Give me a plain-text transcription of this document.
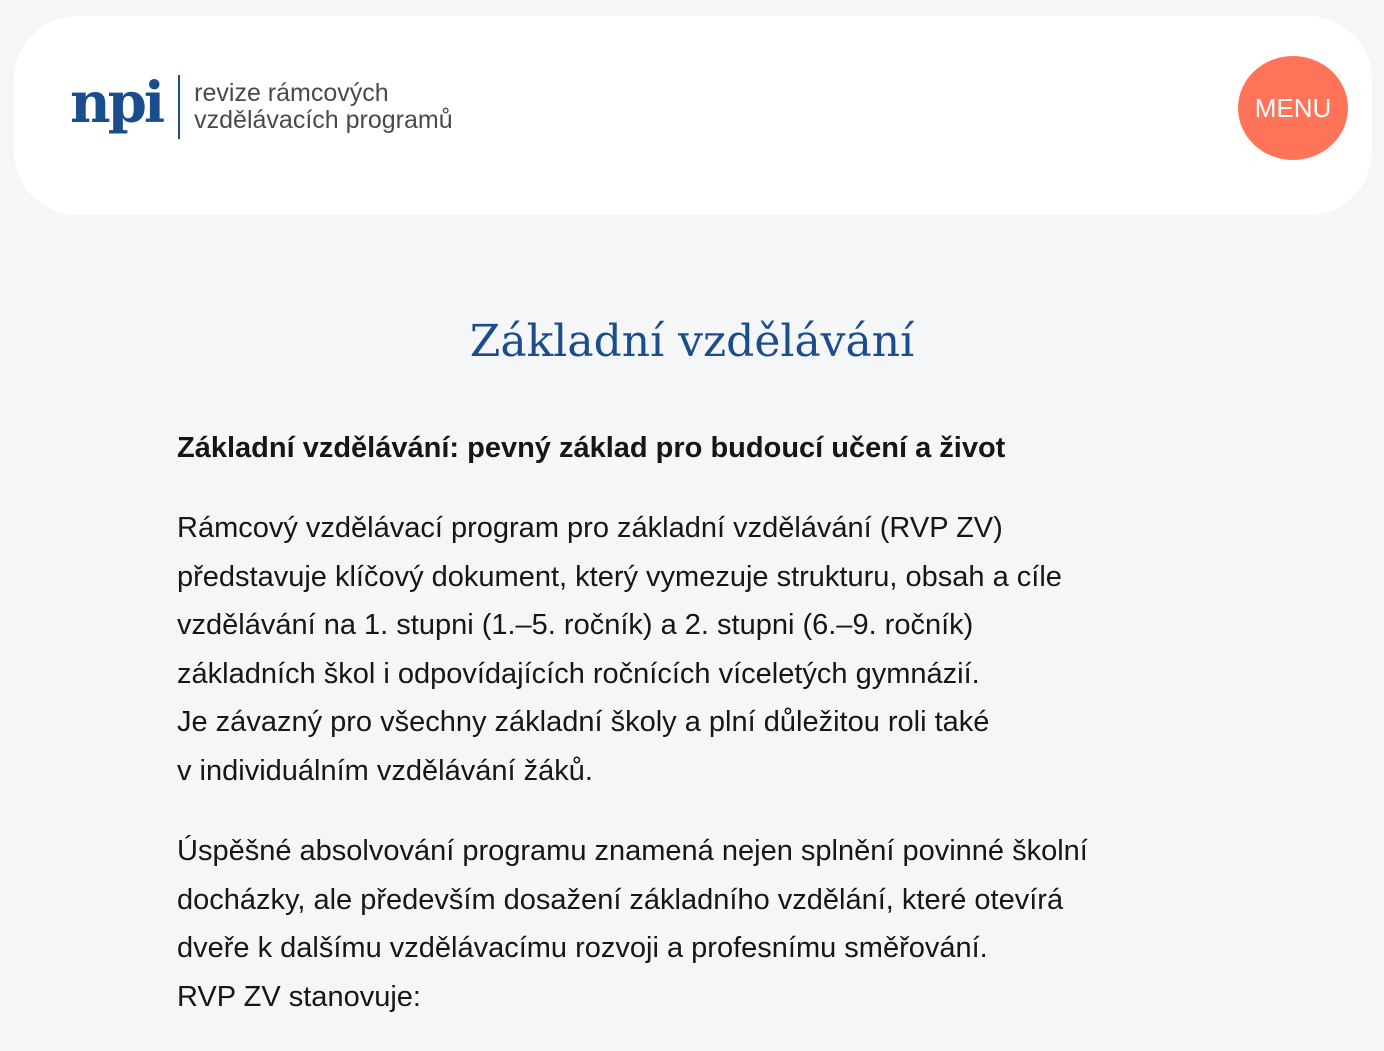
npi revize rámcových
vzdělávacích programů	MENU
Základní vzdělávání

Základní vzdělávání: pevný základ pro budoucí učení a život

Rámcový vzdělávací program pro základní vzdělávání (RVP ZV)
představuje klíčový dokument, který vymezuje strukturu, obsah a cíle
vzdělávání na 1. stupni (1.–5. ročník) a 2. stupni (6.–9. ročník)
základních škol i odpovídajících ročnících víceletých gymnázií.
Je závazný pro všechny základní školy a plní důležitou roli také
v individuálním vzdělávání žáků.

Úspěšné absolvování programu znamená nejen splnění povinné školní
docházky, ale především dosažení základního vzdělání, které otevírá
dveře k dalšímu vzdělávacímu rozvoji a profesnímu směřování.
RVP ZV stanovuje:
